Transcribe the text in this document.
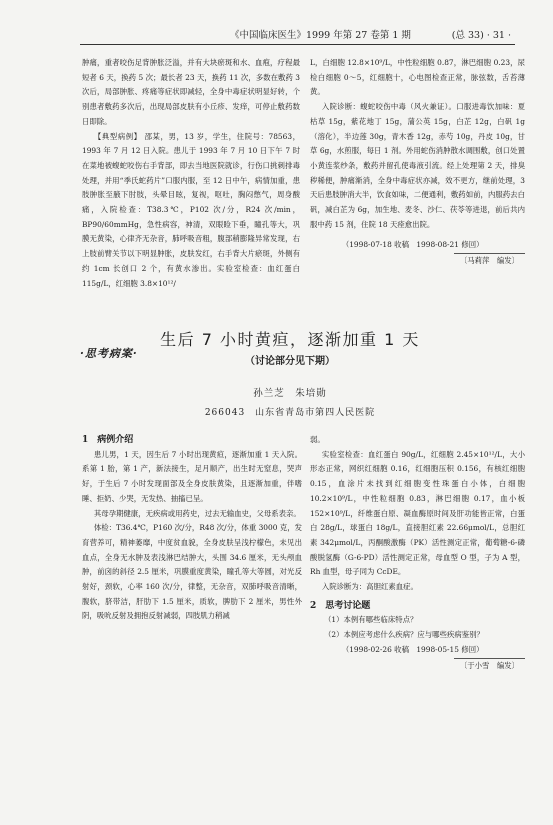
《中国临床医生》1999 年第 27 卷第 1 期	(总 33) · 31 ·

肿痛，重者咬伤足背肿胀泛溢，并有大块瘀斑和水、血疱，疗程最短者 6 天，换药 5 次；最长者 23 天，换药 11 次，多数在敷药 3 次后，局部肿胀、疼痛等症状即减轻，全身中毒症状明显好转，个别患者敷药多次后，出现局部皮肤有小丘疹、发痒，可停止敷药数日即除。

【典型病例】 邵某，男，13 岁，学生，住院号：78563，1993 年 7 月 12 日入院。患儿于 1993 年 7 月 10 日下午 7 时在菜地被蝮蛇咬伤右手背部，即去当地医院就诊，行伤口挑刺排毒处理，并用“季氏蛇药片”口服内服，至 12 日中午，病情加重，患肢肿胀至腋下肘肢，头晕目眩，复视，呕吐，胸闷憋气，周身酸痛，入院检查：T38.3℃，P102 次/分，R24 次/min，BP90/60mmHg，急性病容，神清，双眼睑下垂，瞳孔等大，巩膜无黄染，心律齐无杂音，肺呼吸音粗，腹部稍膨隆异常发现，右上肢前臂关节以下明显肿胀，皮肤发红，右手背大片瘀斑，外侧有约 1cm 长创口 2 个，有黄水渗出。实验室检查：血红蛋白 115g/L，红细胞 3.8×10¹²/

L，白细胞 12.8×10⁹/L，中性粒细胞 0.87，淋巴细胞 0.23，尿检白细胞 0～5，红细胞十，心电图检查正常，脉弦数，舌苔薄黄。

入院诊断：蝮蛇咬伤中毒（风火兼证）。口服进毒饮加味：夏枯草 15g，紫花地丁 15g，蒲公英 15g，白芷 12g，白矾 1g（溶化），半边莲 30g，青木香 12g，赤芍 10g，丹皮 10g，甘草 6g，水煎服，每日 1 剂。外用蛇伤消肿散水调围敷，创口处置小黄连浆纱条，敷药并留孔使毒液引流。经上处理第 2 天，排臭秽稀便，肿痛渐消，全身中毒症状亦减，效不更方，继前处理，3 天后患肢肿消大半，饮食如味，二便通利，敷药如前，内服药去白矾，减白芷为 6g，加生地、麦冬、沙仁、茯苓等进退，前后共内服中药 15 剂，住院 18 天痊愈出院。

（1998-07-18 收稿　1998-08-21 修回）

〔马莉萍　编发〕

·思考病案·
生后 7 小时黄疸，逐渐加重 1 天
（讨论部分见下期）
孙兰芝　朱培勋
266043　山东省青岛市第四人民医院

1　病例介绍

患儿男，1 天，因生后 7 小时出现黄疸，逐渐加重 1 天入院。系第 1 胎，第 1 产，新法接生，足月顺产，出生时无窒息，哭声好，于生后 7 小时发现面部及全身皮肤黄染，且逐渐加重，伴嗜睡、拒奶、少哭，无发热、抽搐已呈。

其母孕期健康，无疾病或用药史，过去无输血史，父母系表亲。

体检：T36.4℃，P160 次/分，R48 次/分，体重 3000 克，发育营养可，精神萎靡，中度贫血貌，全身皮肤呈浅柠檬色，未见出血点，全身无水肿及表浅淋巴结肿大，头围 34.6 厘米，无头颅血肿，前囟的斜径 2.5 厘米，巩膜重度黄染，瞳孔等大等圆，对光反射好，颈软，心率 160 次/分，律整，无杂音，双肺呼吸音清晰，腹软，脐带洁，肝肋下 1.5 厘米，质软，脾肋下 2 厘米，男性外阴，吸吮反射及拥抱反射减弱，四肢肌力稍减

弱。

实验室检查：血红蛋白 90g/L，红细胞 2.45×10¹²/L，大小形态正常，网织红细胞 0.16，红细胞压积 0.156，有核红细胞 0.15，血涂片未找到红细胞变性珠蛋白小体，白细胞 10.2×10⁹/L，中性粒细胞 0.83，淋巴细胞 0.17，血小板 152×10⁹/L，纤维蛋白原、凝血酶原时间及肝功能皆正常，白蛋白 28g/L，球蛋白 18g/L，直接胆红素 22.66μmol/L，总胆红素 342μmol/L，丙酮酸激酶（PK）活性测定正常，葡萄糖-6-磷酸脱氢酶（G-6-PD）活性测定正常，母血型 O 型，子为 A 型，Rh 血型，母子同为 CcDE。

入院诊断为：高胆红素血症。

2　思考讨论题

（1）本例有哪些临床特点？

（2）本例应考虑什么疾病？应与哪些疾病鉴别？

（1998-02-26 收稿　1998-05-15 修回）

〔于小雪　编发〕
